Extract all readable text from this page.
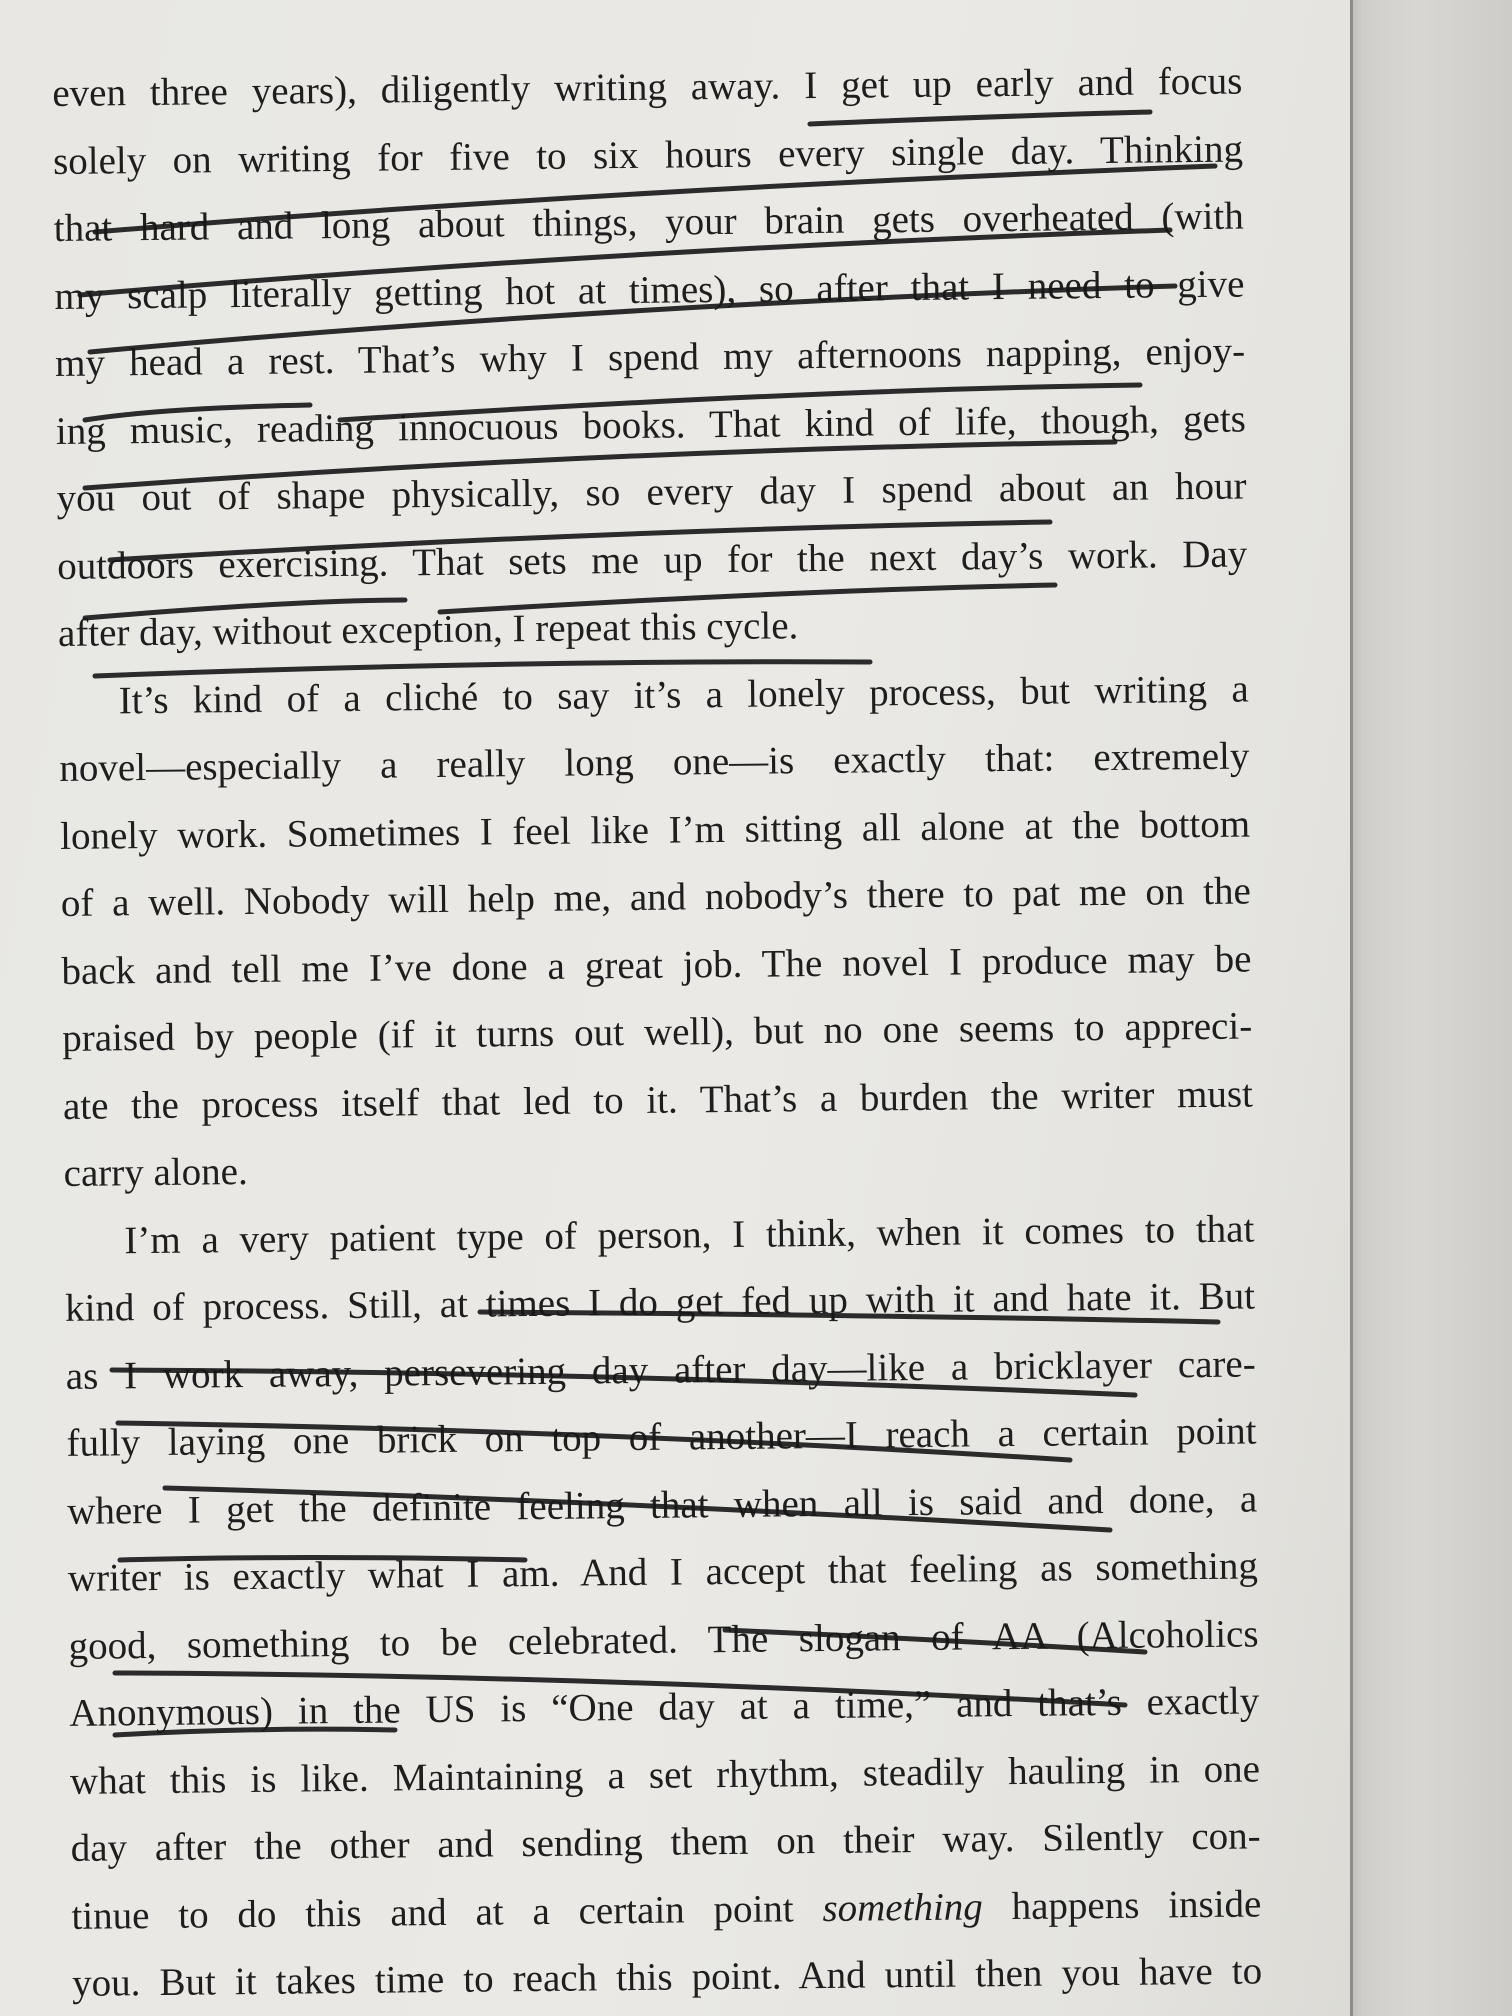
even three years), diligently writing away. I get up early and focus
solely on writing for five to six hours every single day. Thinking
that hard and long about things, your brain gets overheated (with
my scalp literally getting hot at times), so after that I need to give
my head a rest. That’s why I spend my afternoons napping, enjoy-
ing music, reading innocuous books. That kind of life, though, gets
you out of shape physically, so every day I spend about an hour
outdoors exercising. That sets me up for the next day’s work. Day
after day, without exception, I repeat this cycle.
It’s kind of a cliché to say it’s a lonely process, but writing a
novel—especially a really long one—is exactly that: extremely
lonely work. Sometimes I feel like I’m sitting all alone at the bottom
of a well. Nobody will help me, and nobody’s there to pat me on the
back and tell me I’ve done a great job. The novel I produce may be
praised by people (if it turns out well), but no one seems to appreci-
ate the process itself that led to it. That’s a burden the writer must
carry alone.
I’m a very patient type of person, I think, when it comes to that
kind of process. Still, at times I do get fed up with it and hate it. But
as I work away, persevering day after day—like a bricklayer care-
fully laying one brick on top of another—I reach a certain point
where I get the definite feeling that when all is said and done, a
writer is exactly what I am. And I accept that feeling as something
good, something to be celebrated. The slogan of AA (Alcoholics
Anonymous) in the US is “One day at a time,” and that’s exactly
what this is like. Maintaining a set rhythm, steadily hauling in one
day after the other and sending them on their way. Silently con-
tinue to do this and at a certain point something happens inside
you. But it takes time to reach this point. And until then you have to
